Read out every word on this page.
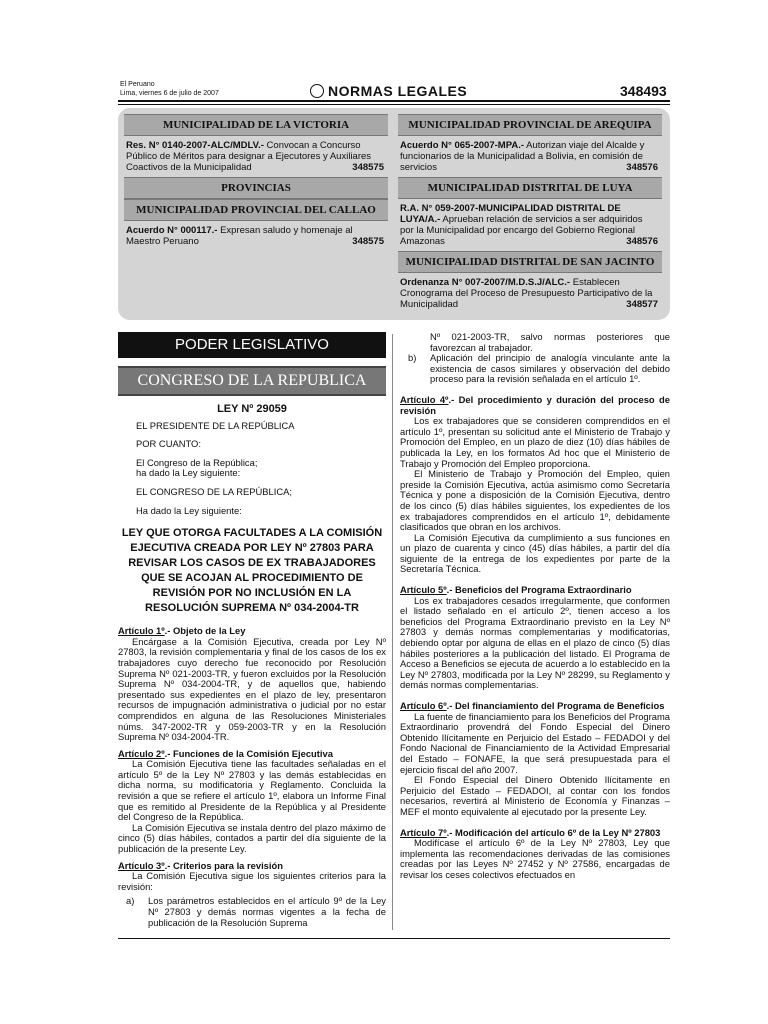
El Peruano
Lima, viernes 6 de julio de 2007	NORMAS LEGALES	348493
MUNICIPALIDAD DE LA VICTORIA
Res. N° 0140-2007-ALC/MDLV.- Convocan a Concurso Público de Méritos para designar a Ejecutores y Auxiliares Coactivos de la Municipalidad	348575
PROVINCIAS
MUNICIPALIDAD PROVINCIAL DEL CALLAO
Acuerdo N° 000117.- Expresan saludo y homenaje al Maestro Peruano	348575
MUNICIPALIDAD PROVINCIAL DE AREQUIPA
Acuerdo N° 065-2007-MPA.- Autorizan viaje del Alcalde y funcionarios de la Municipalidad a Bolivia, en comisión de servicios	348576
MUNICIPALIDAD DISTRITAL DE LUYA
R.A. N° 059-2007-MUNICIPALIDAD DISTRITAL DE LUYA/A.- Aprueban relación de servicios a ser adquiridos por la Municipalidad por encargo del Gobierno Regional Amazonas	348576
MUNICIPALIDAD DISTRITAL DE SAN JACINTO
Ordenanza N° 007-2007/M.D.S.J/ALC.- Establecen Cronograma del Proceso de Presupuesto Participativo de la Municipalidad	348577
PODER LEGISLATIVO
CONGRESO DE LA REPUBLICA
LEY Nº 29059
EL PRESIDENTE DE LA REPÚBLICA
POR CUANTO:
El Congreso de la República;
ha dado la Ley siguiente:
EL CONGRESO DE LA REPÚBLICA;
Ha dado la Ley siguiente:
LEY QUE OTORGA FACULTADES A LA COMISIÓN EJECUTIVA CREADA POR LEY Nº 27803 PARA REVISAR LOS CASOS DE EX TRABAJADORES QUE SE ACOJAN AL PROCEDIMIENTO DE REVISIÓN POR NO INCLUSIÓN EN LA RESOLUCIÓN SUPREMA Nº 034-2004-TR
Artículo 1º.- Objeto de la Ley

Encárgase a la Comisión Ejecutiva, creada por Ley Nº 27803, la revisión complementaria y final de los casos de los ex trabajadores cuyo derecho fue reconocido por Resolución Suprema Nº 021-2003-TR, y fueron excluidos por la Resolución Suprema Nº 034-2004-TR, y de aquellos que, habiendo presentado sus expedientes en el plazo de ley, presentaron recursos de impugnación administrativa o judicial por no estar comprendidos en alguna de las Resoluciones Ministeriales núms. 347-2002-TR y 059-2003-TR y en la Resolución Suprema Nº 034-2004-TR.

Artículo 2º.- Funciones de la Comisión Ejecutiva

La Comisión Ejecutiva tiene las facultades señaladas en el artículo 5º de la Ley Nº 27803 y las demás establecidas en dicha norma, su modificatoria y Reglamento. Concluida la revisión a que se refiere el artículo 1º, elabora un Informe Final que es remitido al Presidente de la República y al Presidente del Congreso de la República.

La Comisión Ejecutiva se instala dentro del plazo máximo de cinco (5) días hábiles, contados a partir del día siguiente de la publicación de la presente Ley.

Artículo 3º.- Criterios para la revisión

La Comisión Ejecutiva sigue los siguientes criterios para la revisión:

a)	Los parámetros establecidos en el artículo 9º de la Ley Nº 27803 y demás normas vigentes a la fecha de publicación de la Resolución Suprema
Nº 021-2003-TR, salvo normas posteriores que favorezcan al trabajador.
b)	Aplicación del principio de analogía vinculante ante la existencia de casos similares y observación del debido proceso para la revisión señalada en el artículo 1º.
Artículo 4º.- Del procedimiento y duración del proceso de revisión

Los ex trabajadores que se consideren comprendidos en el artículo 1º, presentan su solicitud ante el Ministerio de Trabajo y Promoción del Empleo, en un plazo de diez (10) días hábiles de publicada la Ley, en los formatos Ad hoc que el Ministerio de Trabajo y Promoción del Empleo proporciona.

El Ministerio de Trabajo y Promoción del Empleo, quien preside la Comisión Ejecutiva, actúa asimismo como Secretaría Técnica y pone a disposición de la Comisión Ejecutiva, dentro de los cinco (5) días hábiles siguientes, los expedientes de los ex trabajadores comprendidos en el artículo 1º, debidamente clasificados que obran en los archivos.

La Comisión Ejecutiva da cumplimiento a sus funciones en un plazo de cuarenta y cinco (45) días hábiles, a partir del día siguiente de la entrega de los expedientes por parte de la Secretaría Técnica.

Artículo 5º.- Beneficios del Programa Extraordinario

Los ex trabajadores cesados irregularmente, que conformen el listado señalado en el artículo 2º, tienen acceso a los beneficios del Programa Extraordinario previsto en la Ley Nº 27803 y demás normas complementarias y modificatorias, debiendo optar por alguna de ellas en el plazo de cinco (5) días hábiles posteriores a la publicación del listado. El Programa de Acceso a Beneficios se ejecuta de acuerdo a lo establecido en la Ley Nº 27803, modificada por la Ley Nº 28299, su Reglamento y demás normas complementarias.

Artículo 6º.- Del financiamiento del Programa de Beneficios

La fuente de financiamiento para los Beneficios del Programa Extraordinario provendrá del Fondo Especial del Dinero Obtenido Ilícitamente en Perjuicio del Estado – FEDADOI y del Fondo Nacional de Financiamiento de la Actividad Empresarial del Estado – FONAFE, la que será presupuestada para el ejercicio fiscal del año 2007.

El Fondo Especial del Dinero Obtenido Ilícitamente en Perjuicio del Estado – FEDADOI, al contar con los fondos necesarios, revertirá al Ministerio de Economía y Finanzas – MEF el monto equivalente al ejecutado por la presente Ley.

Artículo 7º.- Modificación del artículo 6º de la Ley Nº 27803

Modifícase el artículo 6º de la Ley Nº 27803, Ley que implementa las recomendaciones derivadas de las comisiones creadas por las Leyes Nº 27452 y Nº 27586, encargadas de revisar los ceses colectivos efectuados en
